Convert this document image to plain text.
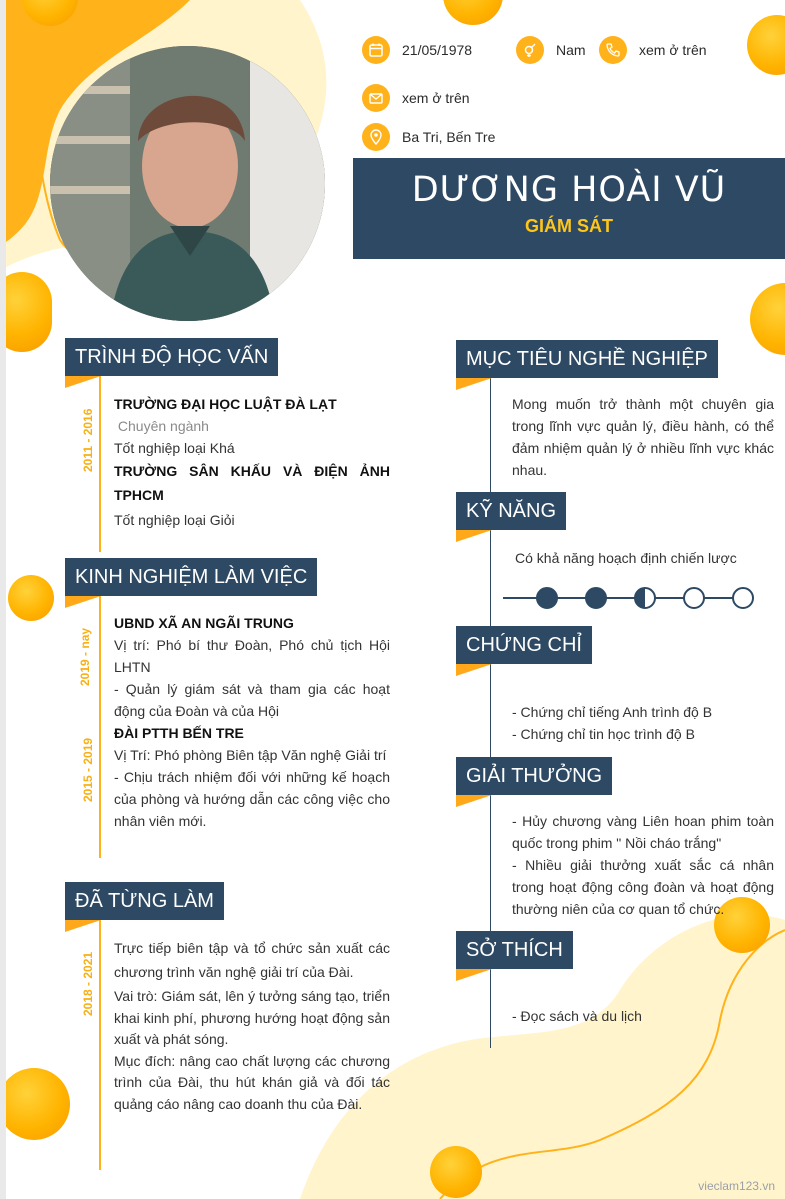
21/05/1978	Nam	xem ở trên
xem ở trên
Ba Tri, Bến Tre
DƯƠNG HOÀI VŨ
GIÁM SÁT
TRÌNH ĐỘ HỌC VẤN
2011 - 2016

TRƯỜNG ĐẠI HỌC LUẬT ĐÀ LẠT

Chuyên ngành

Tốt nghiệp loại Khá

TRƯỜNG SÂN KHẤU VÀ ĐIỆN ẢNH
TPHCM

Tốt nghiệp loại Giỏi

KINH NGHIỆM LÀM VIỆC
2019 - nay
2015 - 2019

UBND XÃ AN NGÃI TRUNG

Vị trí: Phó bí thư Đoàn, Phó chủ tịch Hội LHTN

- Quản lý giám sát và tham gia các hoạt động của Đoàn và của Hội

ĐÀI PTTH BẾN TRE

Vị Trí: Phó phòng Biên tập Văn nghệ Giải trí

- Chịu trách nhiệm đối với những kế hoạch của phòng và hướng dẫn các công việc cho nhân viên mới.

ĐÃ TỪNG LÀM
2018 - 2021

Trực tiếp biên tập và tổ chức sản xuất các chương trình văn nghệ giải trí của Đài.

Vai trò: Giám sát, lên ý tưởng sáng tạo, triển khai kinh phí, phương hướng hoạt động sản xuất và phát sóng.

Mục đích: nâng cao chất lượng các chương trình của Đài, thu hút khán giả và đối tác quảng cáo nâng cao doanh thu của Đài.

MỤC TIÊU NGHỀ NGHIỆP
Mong muốn trở thành một chuyên gia trong lĩnh vực quản lý, điều hành, có thể đảm nhiệm quản lý ở nhiều lĩnh vực khác nhau.
KỸ NĂNG
Có khả năng hoạch định chiến lược
CHỨNG CHỈ

- Chứng chỉ tiếng Anh trình độ B

- Chứng chỉ tin học trình độ B

GIẢI THƯỞNG

- Hủy chương vàng Liên hoan phim toàn quốc trong phim " Nồi cháo trắng"

- Nhiều giải thưởng xuất sắc cá nhân trong hoạt động công đoàn và hoạt động thường niên của cơ quan tổ chức.

SỞ THÍCH

- Đọc sách và du lịch

vieclam123.vn
